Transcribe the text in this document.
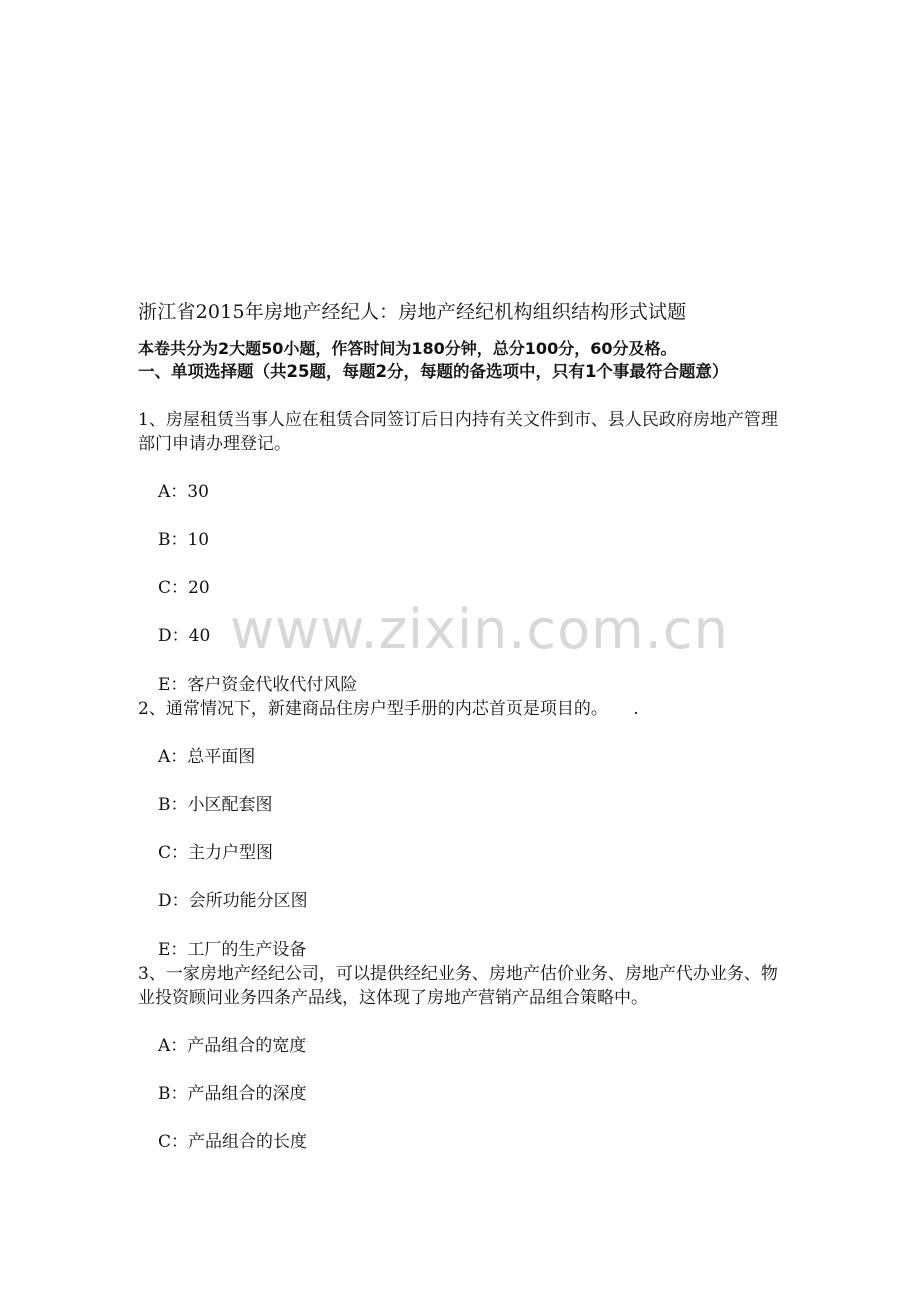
浙江省2015年房地产经纪人：房地产经纪机构组织结构形式试题
本卷共分为2大题50小题，作答时间为180分钟，总分100分，60分及格。
一、单项选择题（共25题，每题2分，每题的备选项中，只有1个事最符合题意）
1、房屋租赁当事人应在租赁合同签订后日内持有关文件到市、县人民政府房地产管理部门申请办理登记。
A：30
B：10
C：20
D：40
E：客户资金代收代付风险
2、通常情况下，新建商品住房户型手册的内芯首页是项目的。　　.
A：总平面图
B：小区配套图
C：主力户型图
D：会所功能分区图
E：工厂的生产设备
3、一家房地产经纪公司，可以提供经纪业务、房地产估价业务、房地产代办业务、物业投资顾问业务四条产品线，这体现了房地产营销产品组合策略中。
A：产品组合的宽度
B：产品组合的深度
C：产品组合的长度
www.zixin.com.cn
